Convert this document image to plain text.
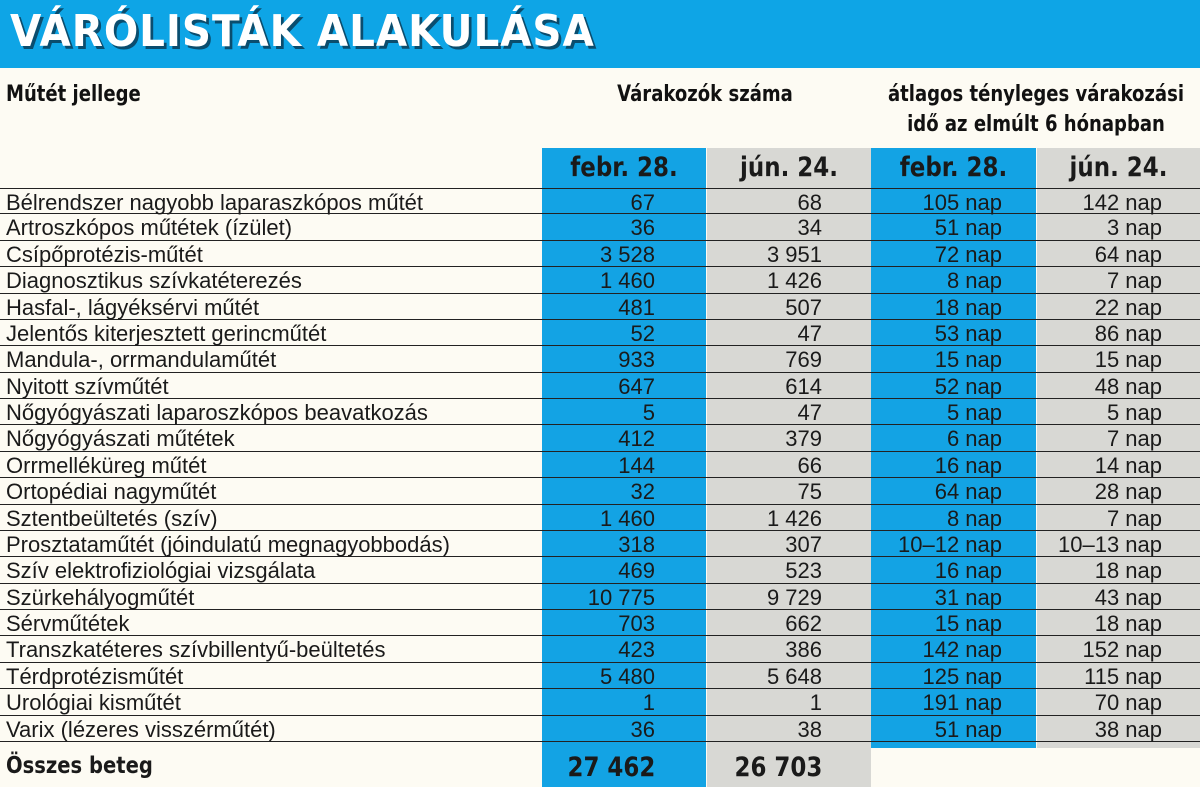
VÁRÓLISTÁK ALAKULÁSA
Műtét jellege	Várakozók száma	átlagos tényleges várakozási
idő az elmúlt 6 hónapban
febr. 28.	jún. 24.	febr. 28.	jún. 24.
Bélrendszer nagyobb laparaszkópos műtét	67	68	105 nap	142 nap
Artroszkópos műtétek (ízület)	36	34	51 nap	3 nap
Csípőprotézis-műtét	3 528	3 951	72 nap	64 nap
Diagnosztikus szívkatéterezés	1 460	1 426	8 nap	7 nap
Hasfal-, lágyéksérvi műtét	481	507	18 nap	22 nap
Jelentős kiterjesztett gerincműtét	52	47	53 nap	86 nap
Mandula-, orrmandulaműtét	933	769	15 nap	15 nap
Nyitott szívműtét	647	614	52 nap	48 nap
Nőgyógyászati laparoszkópos beavatkozás	5	47	5 nap	5 nap
Nőgyógyászati műtétek	412	379	6 nap	7 nap
Orrmelléküreg műtét	144	66	16 nap	14 nap
Ortopédiai nagyműtét	32	75	64 nap	28 nap
Sztentbeültetés (szív)	1 460	1 426	8 nap	7 nap
Prosztataműtét (jóindulatú megnagyobbodás)	318	307	10–12 nap	10–13 nap
Szív elektrofiziológiai vizsgálata	469	523	16 nap	18 nap
Szürkehályogműtét	10 775	9 729	31 nap	43 nap
Sérvműtétek	703	662	15 nap	18 nap
Transzkatéteres szívbillentyű-beültetés	423	386	142 nap	152 nap
Térdprotézisműtét	5 480	5 648	125 nap	115 nap
Urológiai kisműtét	1	1	191 nap	70 nap
Varix (lézeres visszérműtét)	36	38	51 nap	38 nap
Összes beteg	27 462	26 703
